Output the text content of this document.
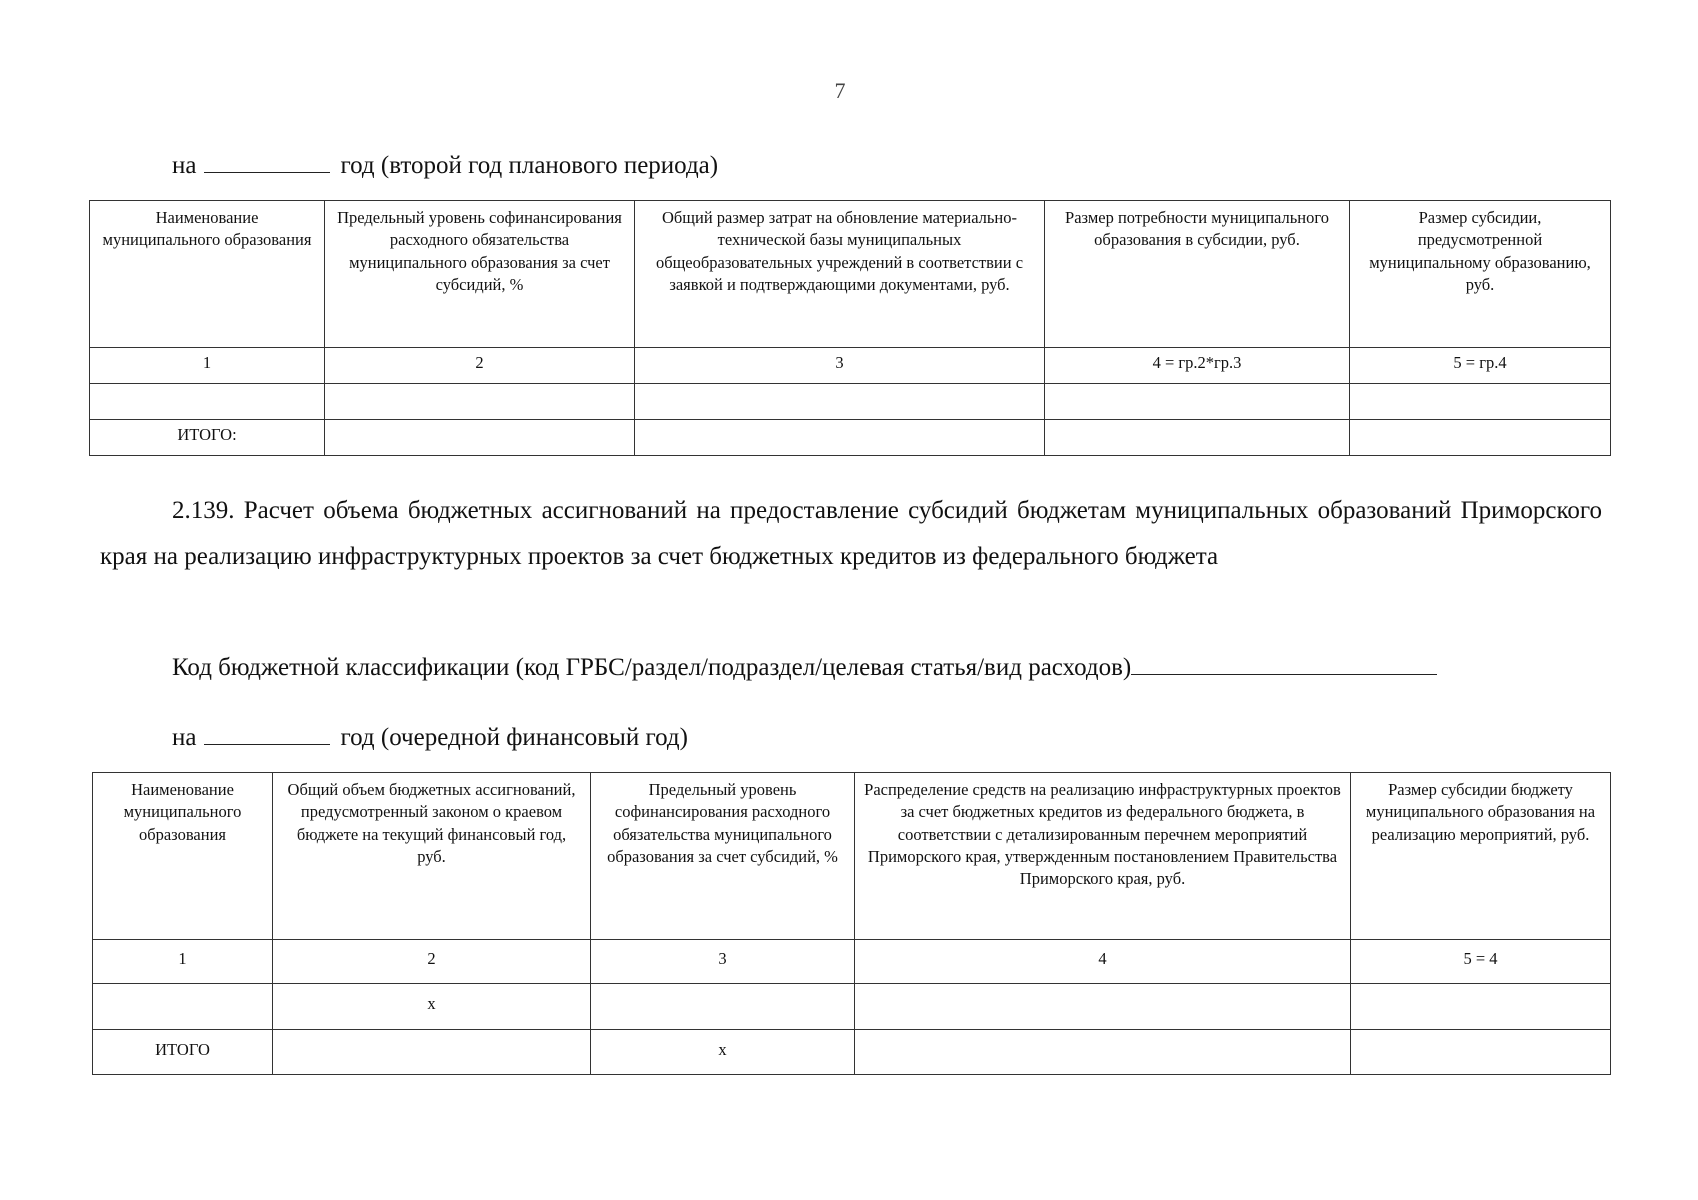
7
на	год (второй год планового периода)
Наименование муниципального образования	Предельный уровень софинансирования расходного обязательства муниципального образования за счет субсидий, %	Общий размер затрат на обновление материально-технической базы муниципальных общеобразовательных учреждений в соответствии с заявкой и подтверждающими документами, руб.	Размер потребности муниципального образования в субсидии, руб.	Размер субсидии, предусмотренной муниципальному образованию, руб.
1	2	3	4 = гр.2*гр.3	5 = гр.4

ИТОГО:				
2.139. Расчет объема бюджетных ассигнований на предоставление субсидий бюджетам муниципальных образований Приморского края на реализацию инфраструктурных проектов за счет бюджетных кредитов из федерального бюджета
Код бюджетной классификации (код ГРБС/раздел/подраздел/целевая статья/вид расходов)
на	год (очередной финансовый год)
Наименование муниципального образования	Общий объем бюджетных ассигнований, предусмотренный законом о краевом бюджете на текущий финансовый год, руб.	Предельный уровень софинансирования расходного обязательства муниципального образования за счет субсидий, %	Распределение средств на реализацию инфраструктурных проектов за счет бюджетных кредитов из федерального бюджета, в соответствии с детализированным перечнем мероприятий Приморского края, утвержденным постановлением Правительства Приморского края, руб.	Размер субсидии бюджету муниципального образования на реализацию мероприятий, руб.
1	2	3	4	5 = 4
	х			
ИТОГО		х		
